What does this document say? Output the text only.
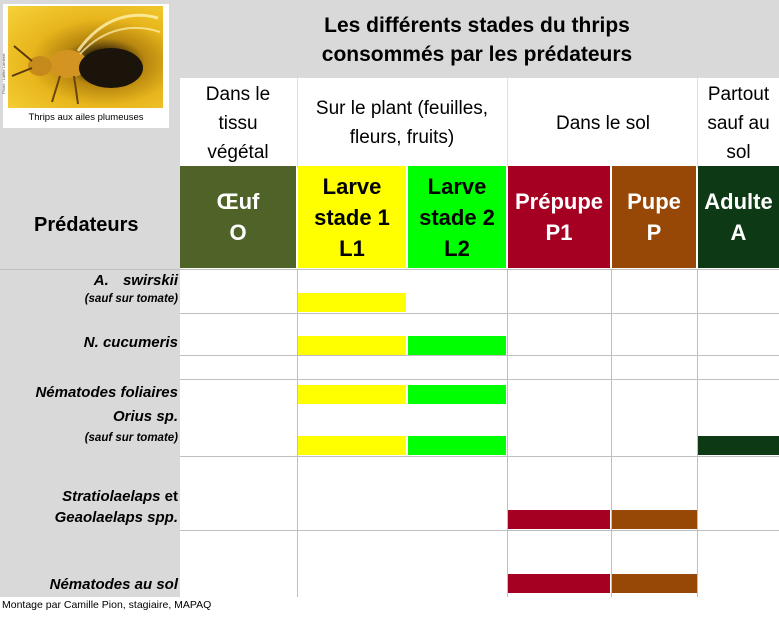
Photo : Lafitte Lambert
Thrips aux ailes plumeuses
Les différents stades du thrips consommés par les prédateurs
Dans le tissu végétal
Sur le plant (feuilles, fleurs, fruits)
Dans le sol
Partout sauf au sol
Prédateurs
Œuf
O
Larve stade 1
L1
Larve stade 2
L2
Prépupe
P1
Pupe
P
Adulte
A
A. swirskii
(sauf sur tomate)
N. cucumeris
Nématodes foliaires
Orius sp.
(sauf sur tomate)
Stratiolaelaps et
Geaolaelaps spp.
Nématodes au sol
Montage par Camille Pion, stagiaire, MAPAQ
